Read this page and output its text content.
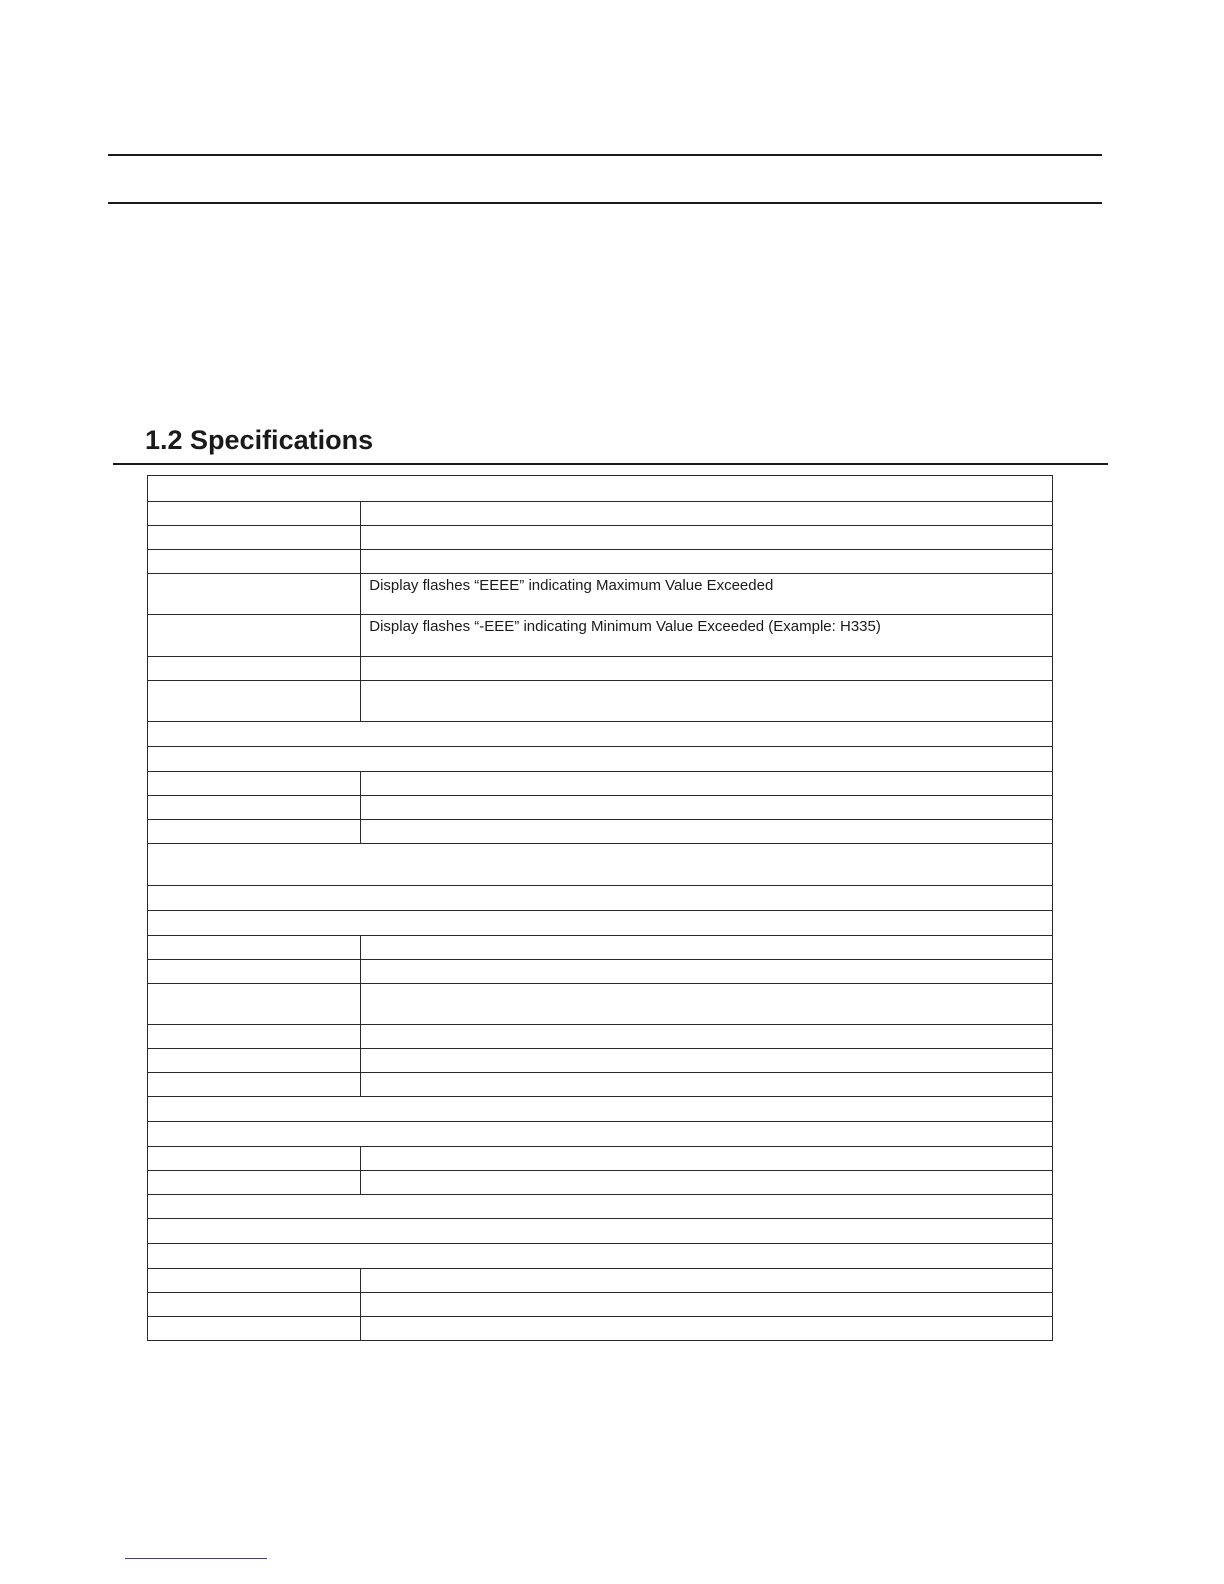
1.2 Specifications

	Display flashes “EEEE” indicating Maximum Value Exceeded
	Display flashes “-EEE” indicating Minimum Value Exceeded (Example: H335)
